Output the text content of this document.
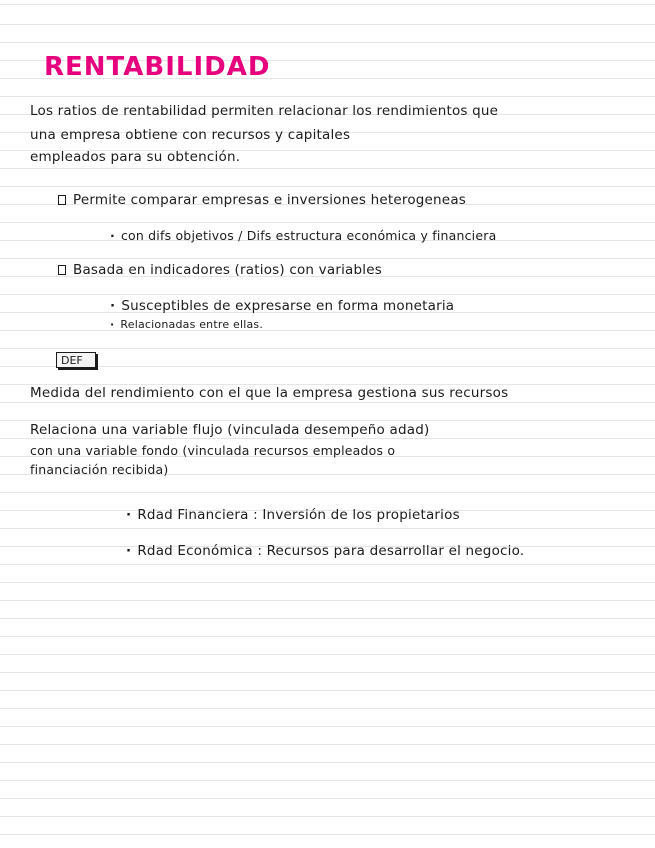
RENTABILIDAD
Los ratios de rentabilidad permiten relacionar los rendimientos que
una empresa obtiene con recursos y capitales
empleados para su obtención.
Permite comparar empresas e inversiones heterogeneas
· con difs objetivos / Difs estructura económica y financiera
Basada en indicadores (ratios) con variables
· Susceptibles de expresarse en forma monetaria
· Relacionadas entre ellas.
DEF
Medida del rendimiento con el que la empresa gestiona sus recursos
Relaciona una variable flujo (vinculada desempeño adad)
con una variable fondo (vinculada recursos empleados o
financiación recibida)
· Rdad Financiera : Inversión de los propietarios
· Rdad Económica : Recursos para desarrollar el negocio.
